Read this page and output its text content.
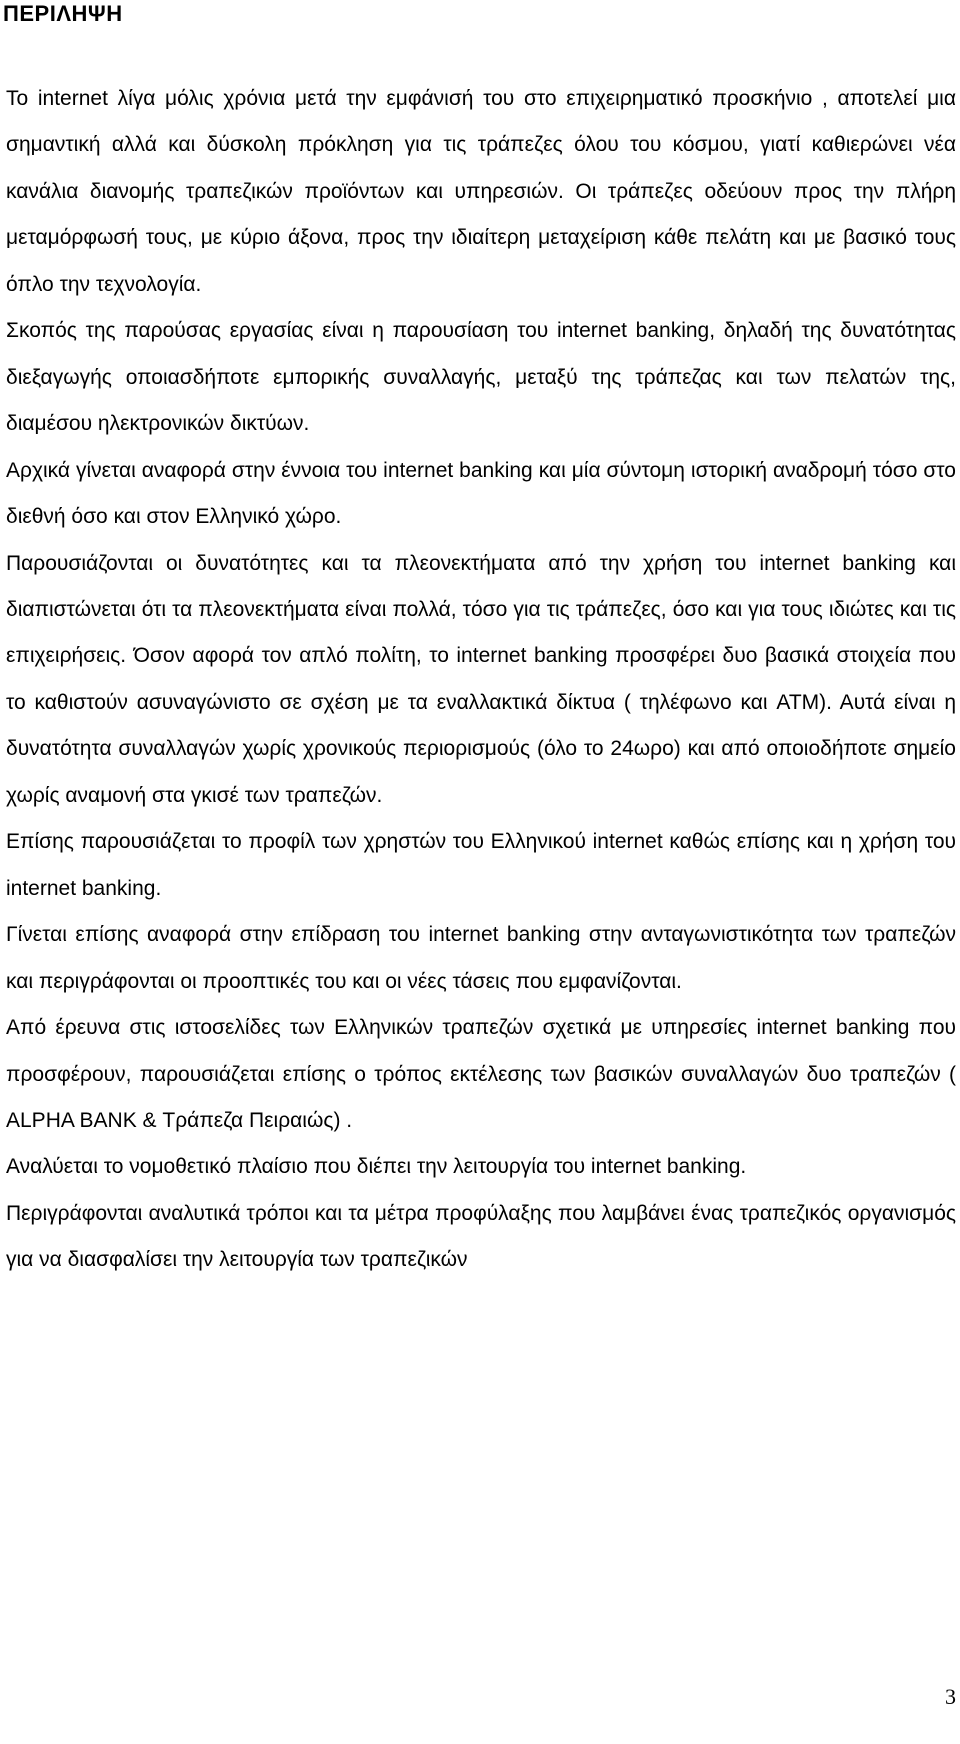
ΠΕΡΙΛΗΨΗ

Το internet λίγα μόλις χρόνια μετά την εμφάνισή του στο επιχειρηματικό προσκήνιο , αποτελεί μια σημαντική αλλά και δύσκολη πρόκληση για τις τράπεζες όλου του κόσμου, γιατί καθιερώνει νέα κανάλια διανομής τραπεζικών προϊόντων και υπηρεσιών. Οι τράπεζες οδεύουν προς την πλήρη μεταμόρφωσή τους, με κύριο άξονα, προς την ιδιαίτερη μεταχείριση κάθε πελάτη και με βασικό τους όπλο την τεχνολογία.

Σκοπός της παρούσας εργασίας είναι η παρουσίαση του internet banking, δηλαδή της δυνατότητας διεξαγωγής οποιασδήποτε εμπορικής συναλλαγής, μεταξύ της τράπεζας και των πελατών της, διαμέσου ηλεκτρονικών δικτύων.

Αρχικά γίνεται αναφορά στην έννοια του internet banking και μία σύντομη ιστορική αναδρομή τόσο στο διεθνή όσο και στον Ελληνικό χώρο.

Παρουσιάζονται οι δυνατότητες και τα πλεονεκτήματα από την χρήση του internet banking και διαπιστώνεται ότι τα πλεονεκτήματα είναι πολλά, τόσο για τις τράπεζες, όσο και για τους ιδιώτες και τις επιχειρήσεις. Όσον αφορά τον απλό πολίτη, το internet banking προσφέρει δυο βασικά στοιχεία που το καθιστούν ασυναγώνιστο σε σχέση με τα εναλλακτικά δίκτυα ( τηλέφωνο και ATM). Αυτά είναι η δυνατότητα συναλλαγών χωρίς χρονικούς περιορισμούς (όλο το 24ωρο) και από οποιοδήποτε σημείο χωρίς αναμονή στα γκισέ των τραπεζών.

Επίσης παρουσιάζεται το προφίλ των χρηστών του Ελληνικού internet καθώς επίσης και η χρήση του internet banking.

Γίνεται επίσης αναφορά στην επίδραση του internet banking στην ανταγωνιστικότητα των τραπεζών και περιγράφονται οι προοπτικές του και οι νέες τάσεις που εμφανίζονται.

Από έρευνα στις ιστοσελίδες των Ελληνικών τραπεζών σχετικά με υπηρεσίες internet banking που προσφέρουν, παρουσιάζεται επίσης ο τρόπος εκτέλεσης των βασικών συναλλαγών δυο τραπεζών ( ALPHA BANK & Τράπεζα Πειραιώς) .

Αναλύεται το νομοθετικό πλαίσιο που διέπει την λειτουργία του internet banking.

Περιγράφονται αναλυτικά τρόποι και τα μέτρα προφύλαξης που λαμβάνει ένας τραπεζικός οργανισμός για να διασφαλίσει την λειτουργία των τραπεζικών

3
